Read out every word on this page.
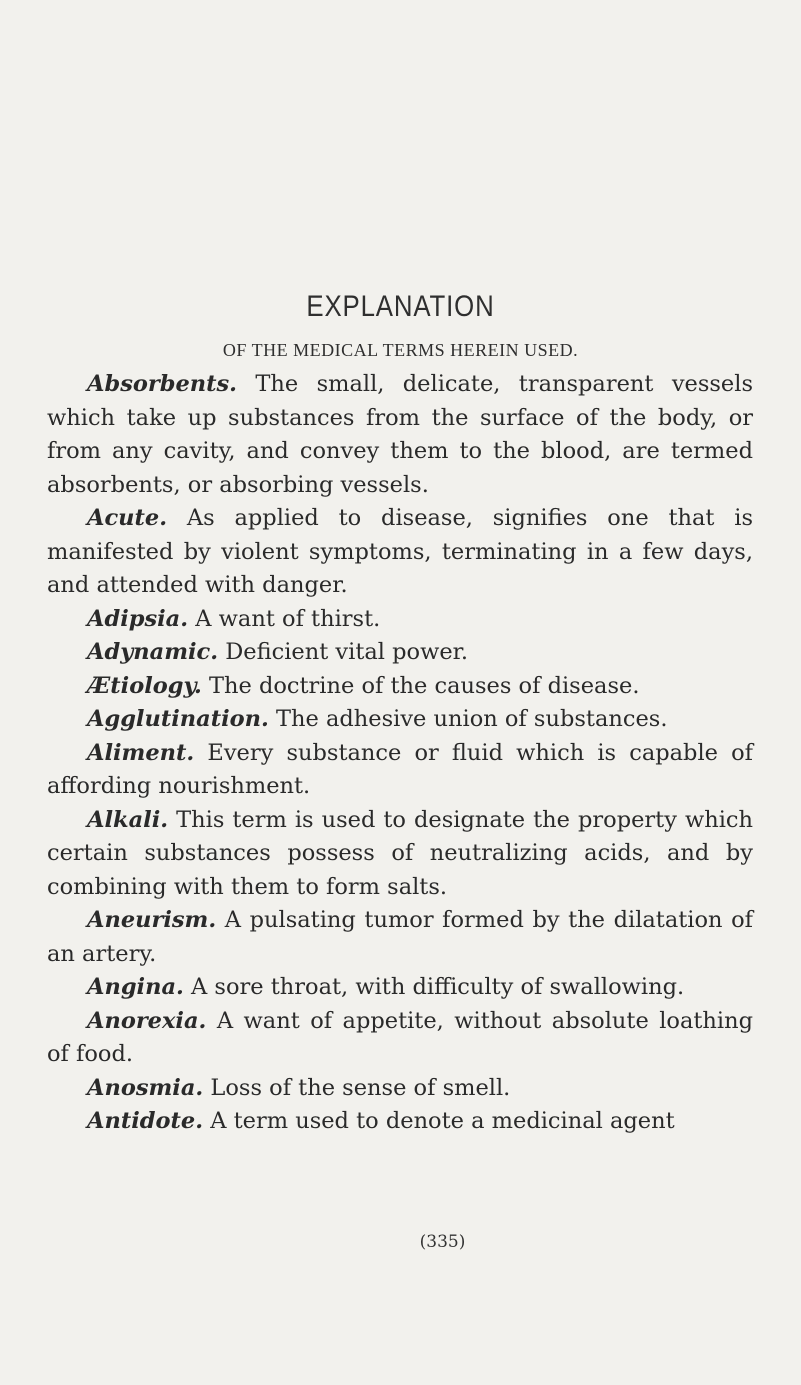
EXPLANATION
OF THE MEDICAL TERMS HEREIN USED.

Absorbents. The small, delicate, transparent vessels which take up substances from the surface of the body, or from any cavity, and convey them to the blood, are termed absorbents, or absorbing vessels.

Acute. As applied to disease, signifies one that is manifested by violent symptoms, terminating in a few days, and attended with danger.

Adipsia. A want of thirst.

Adynamic. Deficient vital power.

Ætiology. The doctrine of the causes of disease.

Agglutination. The adhesive union of substances.

Aliment. Every substance or fluid which is capable of affording nourishment.

Alkali. This term is used to designate the property which certain substances possess of neutralizing acids, and by combining with them to form salts.

Aneurism. A pulsating tumor formed by the dilatation of an artery.

Angina. A sore throat, with difficulty of swallowing.

Anorexia. A want of appetite, without absolute loathing of food.

Anosmia. Loss of the sense of smell.

Antidote. A term used to denote a medicinal agent

(335)
